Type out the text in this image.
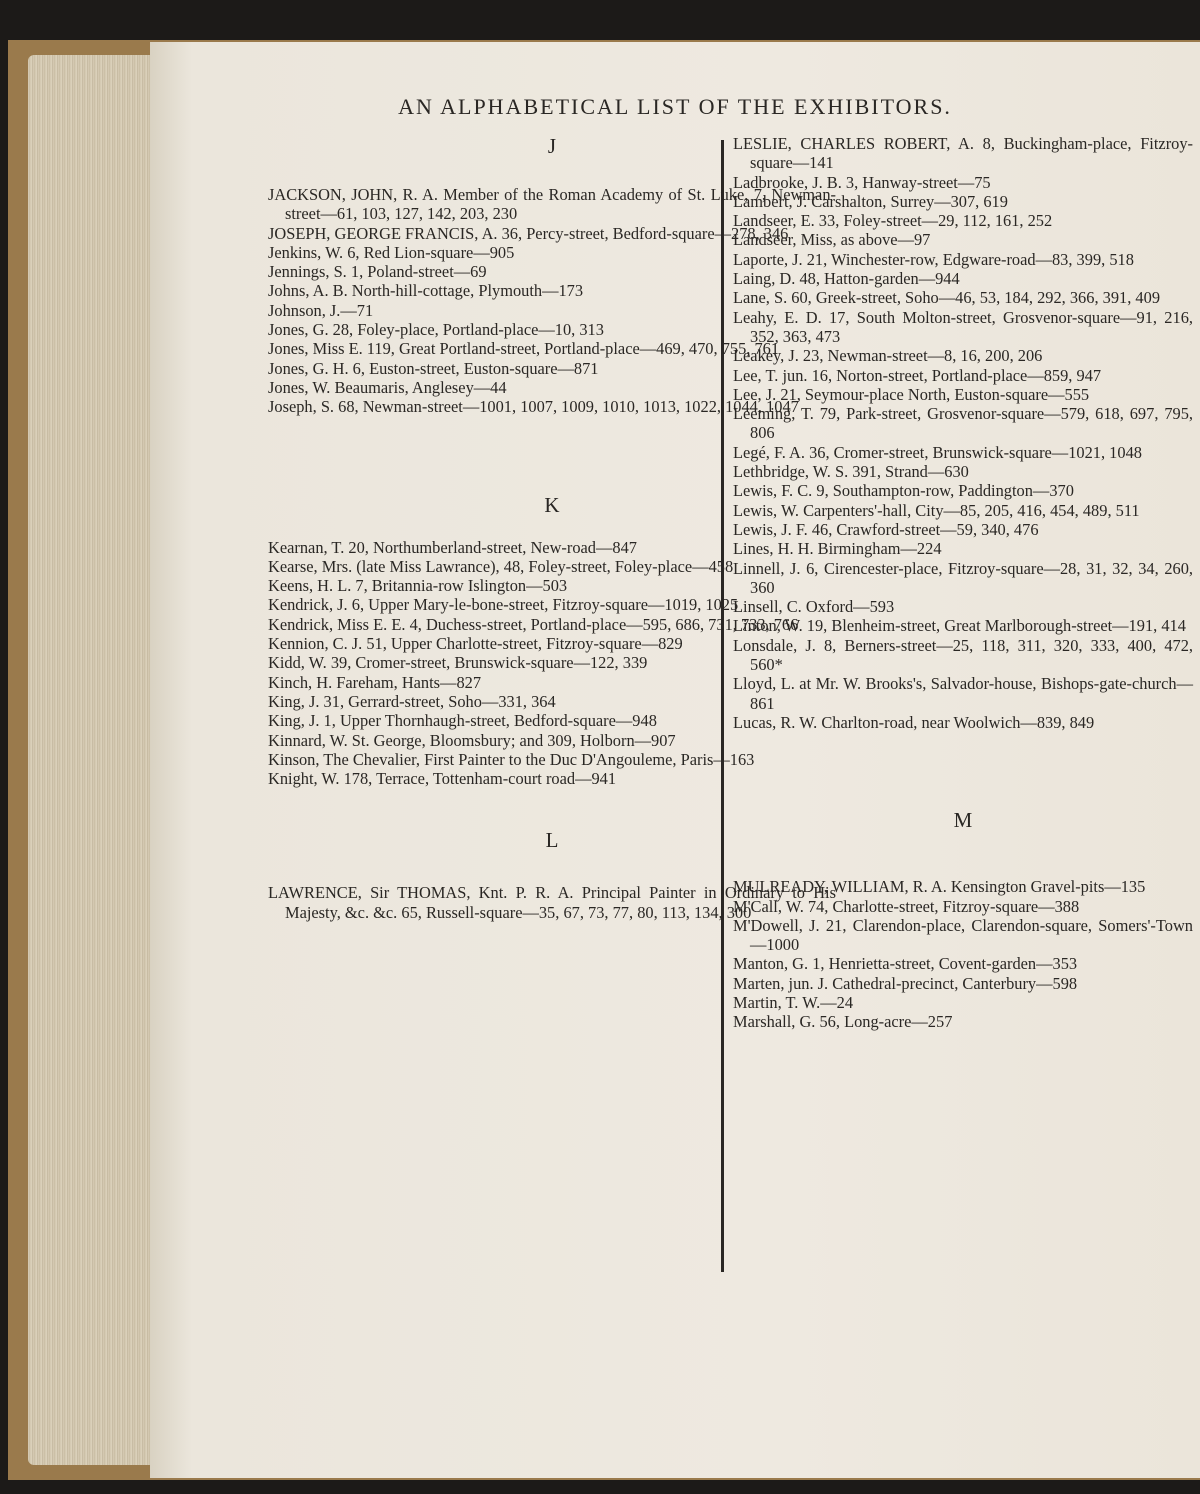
AN ALPHABETICAL LIST OF THE EXHIBITORS.
J
JACKSON, JOHN, R. A. Member of the Roman Academy of St. Luke, 7, Newman-street—61, 103, 127, 142, 203, 230
JOSEPH, GEORGE FRANCIS, A. 36, Percy-street, Bedford-square—278, 346
Jenkins, W. 6, Red Lion-square—905
Jennings, S. 1, Poland-street—69
Johns, A. B. North-hill-cottage, Plymouth—173
Johnson, J.—71
Jones, G. 28, Foley-place, Portland-place—10, 313
Jones, Miss E. 119, Great Portland-street, Portland-place—469, 470, 755, 761
Jones, G. H. 6, Euston-street, Euston-square—871
Jones, W. Beaumaris, Anglesey—44
Joseph, S. 68, Newman-street—1001, 1007, 1009, 1010, 1013, 1022, 1044, 1047
K
Kearnan, T. 20, Northumberland-street, New-road—847
Kearse, Mrs. (late Miss Lawrance), 48, Foley-street, Foley-place—458
Keens, H. L. 7, Britannia-row Islington—503
Kendrick, J. 6, Upper Mary-le-bone-street, Fitzroy-square—1019, 1025
Kendrick, Miss E. E. 4, Duchess-street, Portland-place—595, 686, 731, 733, 766
Kennion, C. J. 51, Upper Charlotte-street, Fitzroy-square—829
Kidd, W. 39, Cromer-street, Brunswick-square—122, 339
Kinch, H. Fareham, Hants—827
King, J. 31, Gerrard-street, Soho—331, 364
King, J. 1, Upper Thornhaugh-street, Bedford-square—948
Kinnard, W. St. George, Bloomsbury; and 309, Holborn—907
Kinson, The Chevalier, First Painter to the Duc D'Angouleme, Paris—163
Knight, W. 178, Terrace, Tottenham-court road—941
L
LAWRENCE, Sir THOMAS, Knt. P. R. A. Principal Painter in Ordinary to His Majesty, &c. &c. 65, Russell-square—35, 67, 73, 77, 80, 113, 134, 300
LESLIE, CHARLES ROBERT, A. 8, Buckingham-place, Fitzroy-square—141
Ladbrooke, J. B. 3, Hanway-street—75
Lambert, J. Carshalton, Surrey—307, 619
Landseer, E. 33, Foley-street—29, 112, 161, 252
Landseer, Miss, as above—97
Laporte, J. 21, Winchester-row, Edgware-road—83, 399, 518
Laing, D. 48, Hatton-garden—944
Lane, S. 60, Greek-street, Soho—46, 53, 184, 292, 366, 391, 409
Leahy, E. D. 17, South Molton-street, Grosvenor-square—91, 216, 352, 363, 473
Leakey, J. 23, Newman-street—8, 16, 200, 206
Lee, T. jun. 16, Norton-street, Portland-place—859, 947
Lee, J. 21, Seymour-place North, Euston-square—555
Leeming, T. 79, Park-street, Grosvenor-square—579, 618, 697, 795, 806
Legé, F. A. 36, Cromer-street, Brunswick-square—1021, 1048
Lethbridge, W. S. 391, Strand—630
Lewis, F. C. 9, Southampton-row, Paddington—370
Lewis, W. Carpenters'-hall, City—85, 205, 416, 454, 489, 511
Lewis, J. F. 46, Crawford-street—59, 340, 476
Lines, H. H. Birmingham—224
Linnell, J. 6, Cirencester-place, Fitzroy-square—28, 31, 32, 34, 260, 360
Linsell, C. Oxford—593
Linton, W. 19, Blenheim-street, Great Marlborough-street—191, 414
Lonsdale, J. 8, Berners-street—25, 118, 311, 320, 333, 400, 472, 560*
Lloyd, L. at Mr. W. Brooks's, Salvador-house, Bishops-gate-church—861
Lucas, R. W. Charlton-road, near Woolwich—839, 849
M
MULREADY, WILLIAM, R. A. Kensington Gravel-pits—135
M'Call, W. 74, Charlotte-street, Fitzroy-square—388
M'Dowell, J. 21, Clarendon-place, Clarendon-square, Somers'-Town—1000
Manton, G. 1, Henrietta-street, Covent-garden—353
Marten, jun. J. Cathedral-precinct, Canterbury—598
Martin, T. W.—24
Marshall, G. 56, Long-acre—257
